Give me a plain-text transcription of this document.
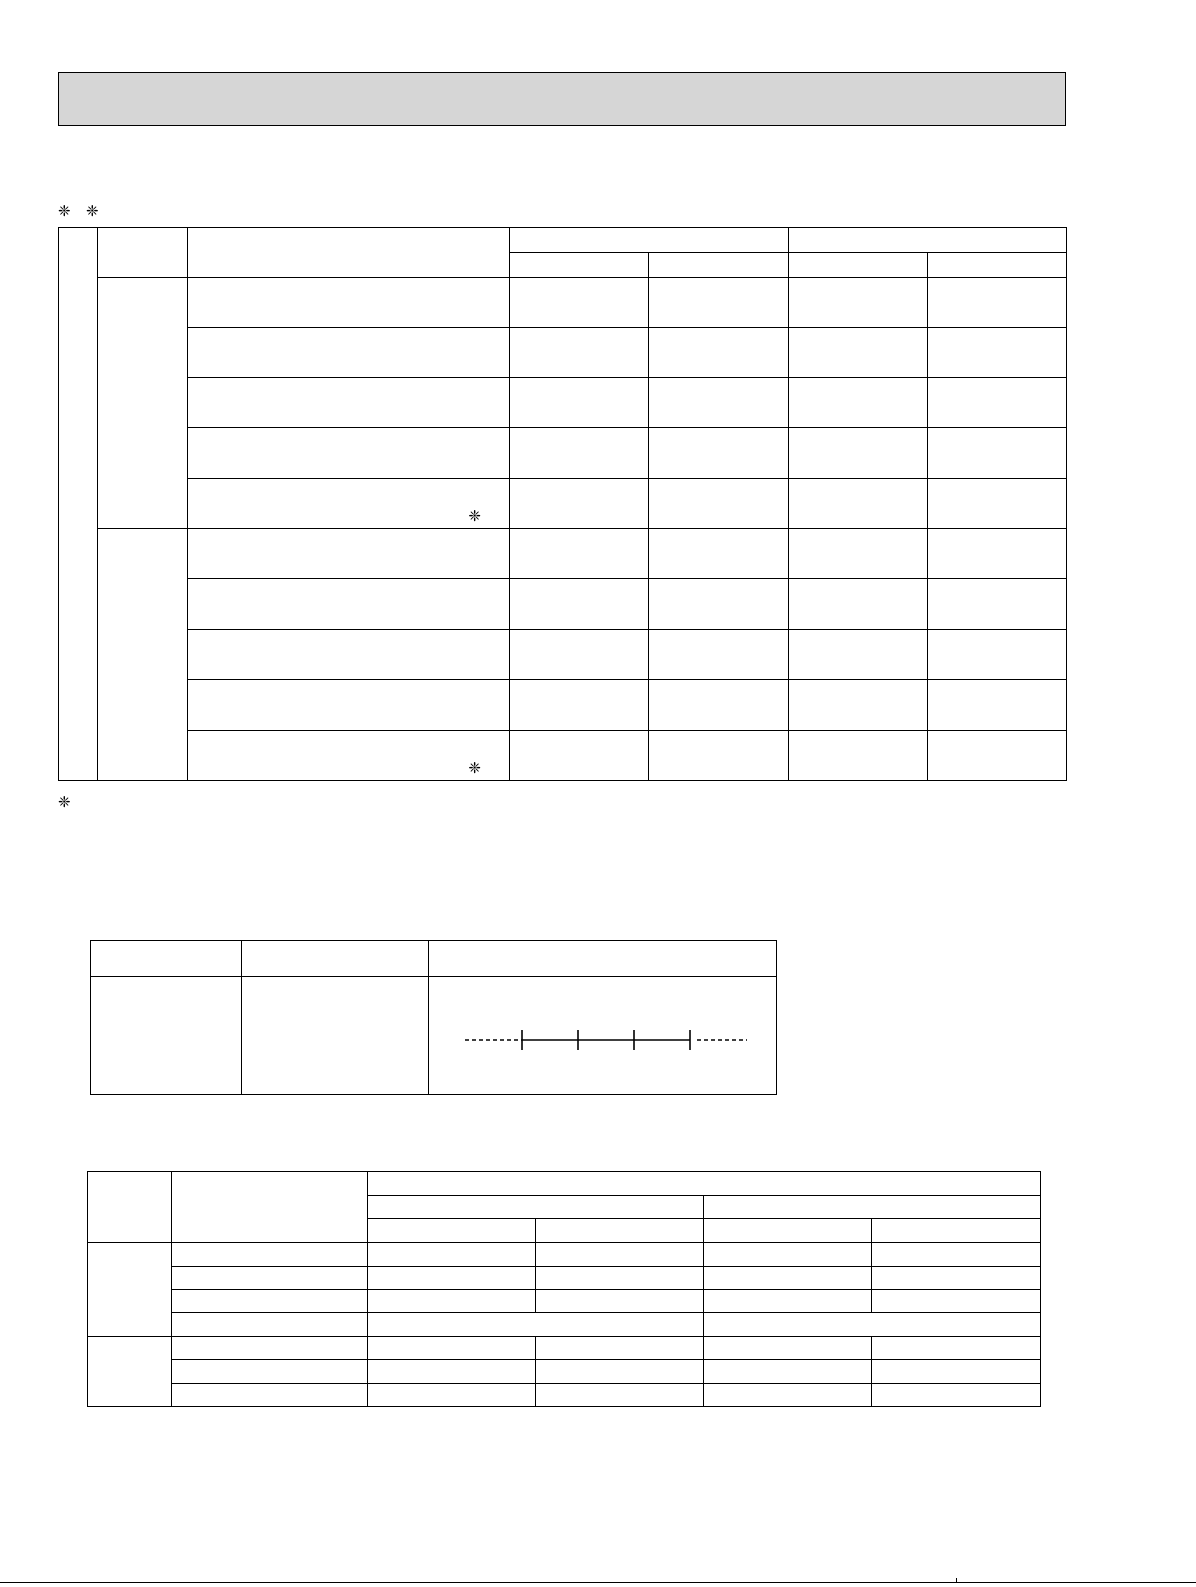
❈ ❈

		❈				

		❈				

❈
